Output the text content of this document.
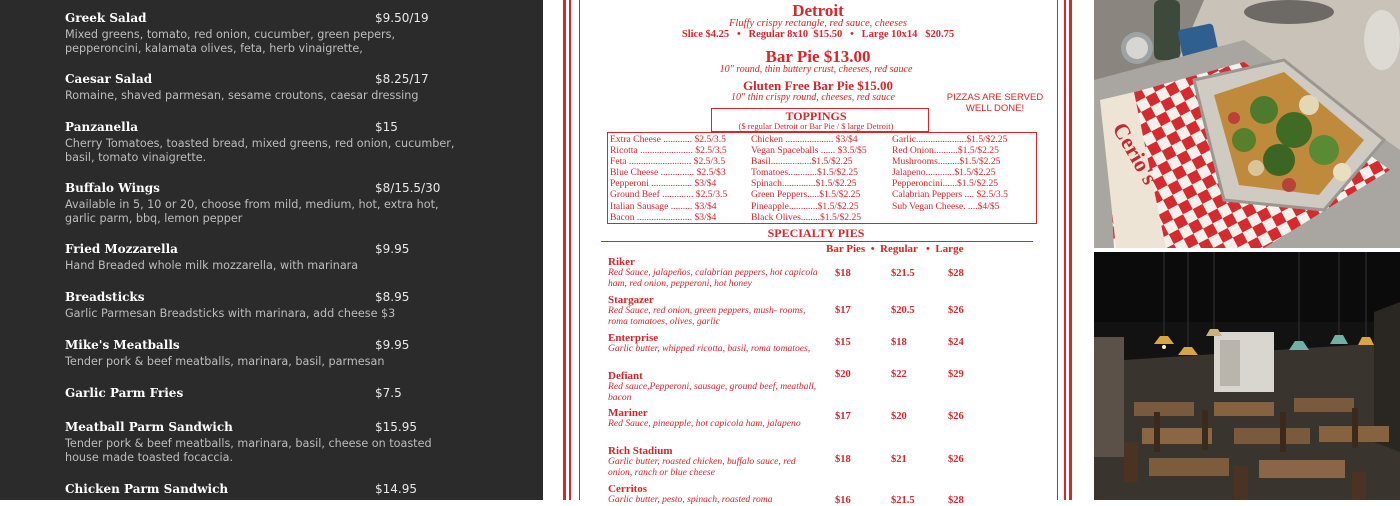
Greek Salad	$9.50/19
Mixed greens, tomato, red onion, cucumber, green pepers, pepperoncini, kalamata olives, feta, herb vinaigrette,
Caesar Salad	$8.25/17
Romaine, shaved parmesan, sesame croutons, caesar dressing
Panzanella	$15
Cherry Tomatoes, toasted bread, mixed greens, red onion, cucumber, basil, tomato vinaigrette.
Buffalo Wings	$8/15.5/30
Available in 5, 10 or 20, choose from mild, medium, hot, extra hot, garlic parm, bbq, lemon pepper
Fried Mozzarella	$9.95
Hand Breaded whole milk mozzarella, with marinara
Breadsticks	$8.95
Garlic Parmesan Breadsticks with marinara, add cheese $3
Mike's Meatballs	$9.95
Tender pork & beef meatballs, marinara, basil, parmesan
Garlic Parm Fries	$7.5
Meatball Parm Sandwich	$15.95
Tender pork & beef meatballs, marinara, basil, cheese on toasted house made toasted focaccia.
Chicken Parm Sandwich	$14.95
Detroit
Fluffy crispy rectangle, red sauce, cheeses
Slice $4.25   •   Regular 8x10  $15.50   •   Large 10x14   $20.75
Bar Pie $13.00
10" round, thin buttery crust, cheeses, red sauce
Gluten Free Bar Pie $15.00
10" thin crispy round, cheeses, red sauce	PIZZAS ARE SERVED
WELL DONE!
TOPPINGS
($ regular Detroit or Bar Pie / $ large Detroit)
Extra Cheese ............ $2.5/3.5
Ricotta ...................... $2.5/3.5
Feta .......................... $2.5/3.5
Blue Cheese .............. $2.5/$3
Pepperoni ................. $3/$4
Ground Beef ............. $2.5/3.5
Italian Sausage ......... $3/$4
Bacon ....................... $3/$4
Chicken .................... $3/$4
Vegan Spaceballs ...... $3.5/$5
Basil.................$1.5/$2.25
Tomatoes............$1.5/$2.25
Spinach..............$1.5/$2.25
Green Peppers.....$1.5/$2.25
Pineapple............$1.5/$2.25
Black Olives........$1.5/$2.25
Garlic.....................$1.5/$2.25
Red Onion..........$1.5/$2.25
Mushrooms.........$1.5/$2.25
Jalapeno............$1.5/$2.25
Pepperoncini......$1.5/$2.25
Calabrian Peppers .... $2.5/3.5
Sub Vegan Cheese. ....$4/$5
SPECIALTY PIES
Bar Pies  •  Regular   •  Large
Riker
Red Sauce, jalapeños, calabrian peppers, hot capicola ham, red onion, pepperoni, hot honey
$18	$21.5	$28
Stargazer
Red Sauce, red onion, green peppers, mush- rooms, roma tomatoes, olives, garlic
$17	$20.5	$26
Enterprise
Garlic butter, whipped ricotta, basil, roma tomatoes,
$15	$18	$24
Defiant
Red sauce,Pepperoni, sausage, ground beef, meatball, bacon
$20	$22	$29
Mariner
Red Sauce, pineapple, hot capicola ham, jalapeno
$17	$20	$26
Rich Stadium
Garlic butter, roasted chicken, buffalo sauce, red onion, ranch or blue cheese
$18	$21	$26
Cerritos
Garlic butter, pesto, spinach, roasted roma	$16	$21.5	$28
Cerio's
